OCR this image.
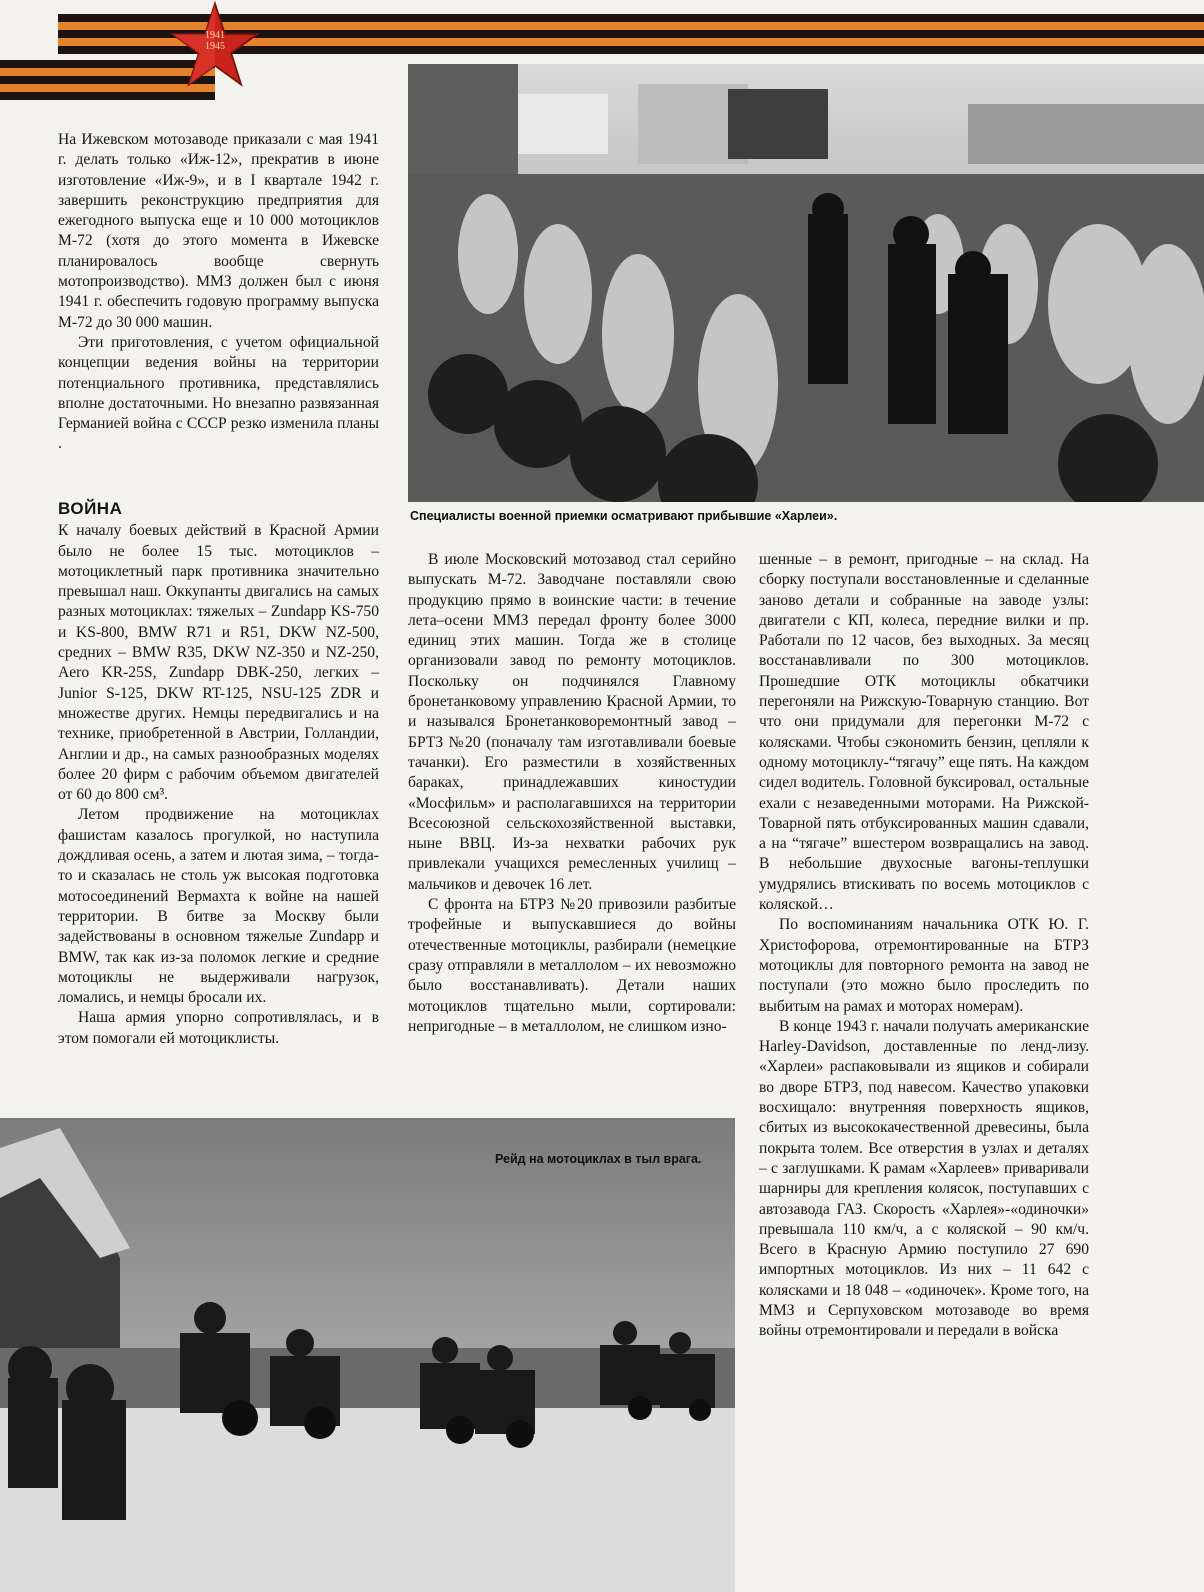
1941
1945
Специалисты военной приемки осматривают прибывшие «Харлеи».

На Ижевском мотозаводе приказали с мая 1941 г. делать только «Иж-12», прекратив в июне изготовление «Иж-9», и в I квартале 1942 г. завершить реконструкцию предприятия для ежегодного выпуска еще и 10 000 мотоциклов М-72 (хотя до этого момента в Ижевске планировалось вообще свернуть мотопроизводство). ММЗ должен был с июня 1941 г. обеспечить годовую программу выпуска М-72 до 30 000 машин.

Эти приготовления, с учетом официальной концепции ведения войны на территории потенциального противника, представлялись вполне достаточными. Но внезапно развязанная Германией война с СССР резко изменила планы .

ВОЙНА

К началу боевых действий в Красной Армии было не более 15 тыс. мотоциклов – мотоциклетный парк противника значительно превышал наш. Оккупанты двигались на самых разных мотоциклах: тяжелых – Zundapp KS-750 и KS-800, BMW R71 и R51, DKW NZ-500, средних – BMW R35, DKW NZ-350 и NZ-250, Aero KR-25S, Zundapp DBK-250, легких – Junior S-125, DKW RT-125, NSU-125 ZDR и множестве других. Немцы передвигались и на технике, приобретенной в Австрии, Голландии, Англии и др., на самых разнообразных моделях более 20 фирм с рабочим объемом двигателей от 60 до 800 см³.

Летом продвижение на мотоциклах фашистам казалось прогулкой, но наступила дождливая осень, а затем и лютая зима, – тогда-то и сказалась не столь уж высокая подготовка мотосоединений Вермахта к войне на нашей территории. В битве за Москву были задействованы в основном тяжелые Zundapp и BMW, так как из-за поломок легкие и средние мотоциклы не выдерживали нагрузок, ломались, и немцы бросали их.

Наша армия упорно сопротивлялась, и в этом помогали ей мотоциклисты.

В июле Московский мотозавод стал серийно выпускать М-72. Заводчане поставляли свою продукцию прямо в воинские части: в течение лета–осени ММЗ передал фронту более 3000 единиц этих машин. Тогда же в столице организовали завод по ремонту мотоциклов. Поскольку он подчинялся Главному бронетанковому управлению Красной Армии, то и назывался Бронетанковоремонтный завод – БРТЗ №20 (поначалу там изготавливали боевые тачанки). Его разместили в хозяйственных бараках, принадлежавших киностудии «Мосфильм» и располагавшихся на территории Всесоюзной сельскохозяйственной выставки, ныне ВВЦ. Из-за нехватки рабочих рук привлекали учащихся ремесленных училищ – мальчиков и девочек 16 лет.

С фронта на БТРЗ №20 привозили разбитые трофейные и выпускавшиеся до войны отечественные мотоциклы, разбирали (немецкие сразу отправляли в металлолом – их невозможно было восстанавливать). Детали наших мотоциклов тщательно мыли, сортировали: непригодные – в металлолом, не слишком изно-

шенные – в ремонт, пригодные – на склад. На сборку поступали восстановленные и сделанные заново детали и собранные на заводе узлы: двигатели с КП, колеса, передние вилки и пр. Работали по 12 часов, без выходных. За месяц восстанавливали по 300 мотоциклов. Прошедшие ОТК мотоциклы обкатчики перегоняли на Рижскую-Товарную станцию. Вот что они придумали для перегонки М-72 с колясками. Чтобы сэкономить бензин, цепляли к одному мотоциклу-“тягачу” еще пять. На каждом сидел водитель. Головной буксировал, остальные ехали с незаведенными моторами. На Рижской-Товарной пять отбуксированных машин сдавали, а на “тягаче” вшестером возвращались на завод. В небольшие двухосные вагоны-теплушки умудрялись втискивать по восемь мотоциклов с коляской…

По воспоминаниям начальника ОТК Ю. Г. Христофорова, отремонтированные на БТРЗ мотоциклы для повторного ремонта на завод не поступали (это можно было проследить по выбитым на рамах и моторах номерам).

В конце 1943 г. начали получать американские Harley-Davidson, доставленные по ленд-лизу. «Харлеи» распаковывали из ящиков и собирали во дворе БТРЗ, под навесом. Качество упаковки восхищало: внутренняя поверхность ящиков, сбитых из высококачественной древесины, была покрыта толем. Все отверстия в узлах и деталях – с заглушками. К рамам «Харлеев» приваривали шарниры для крепления колясок, поступавших с автозавода ГАЗ. Скорость «Харлея»-«одиночки» превышала 110 км/ч, а с коляской – 90 км/ч. Всего в Красную Армию поступило 27 690 импортных мотоциклов. Из них – 11 642 с колясками и 18 048 – «одиночек». Кроме того, на ММЗ и Серпуховском мотозаводе во время войны отремонтировали и передали в войска

Рейд на мотоциклах в тыл врага.
